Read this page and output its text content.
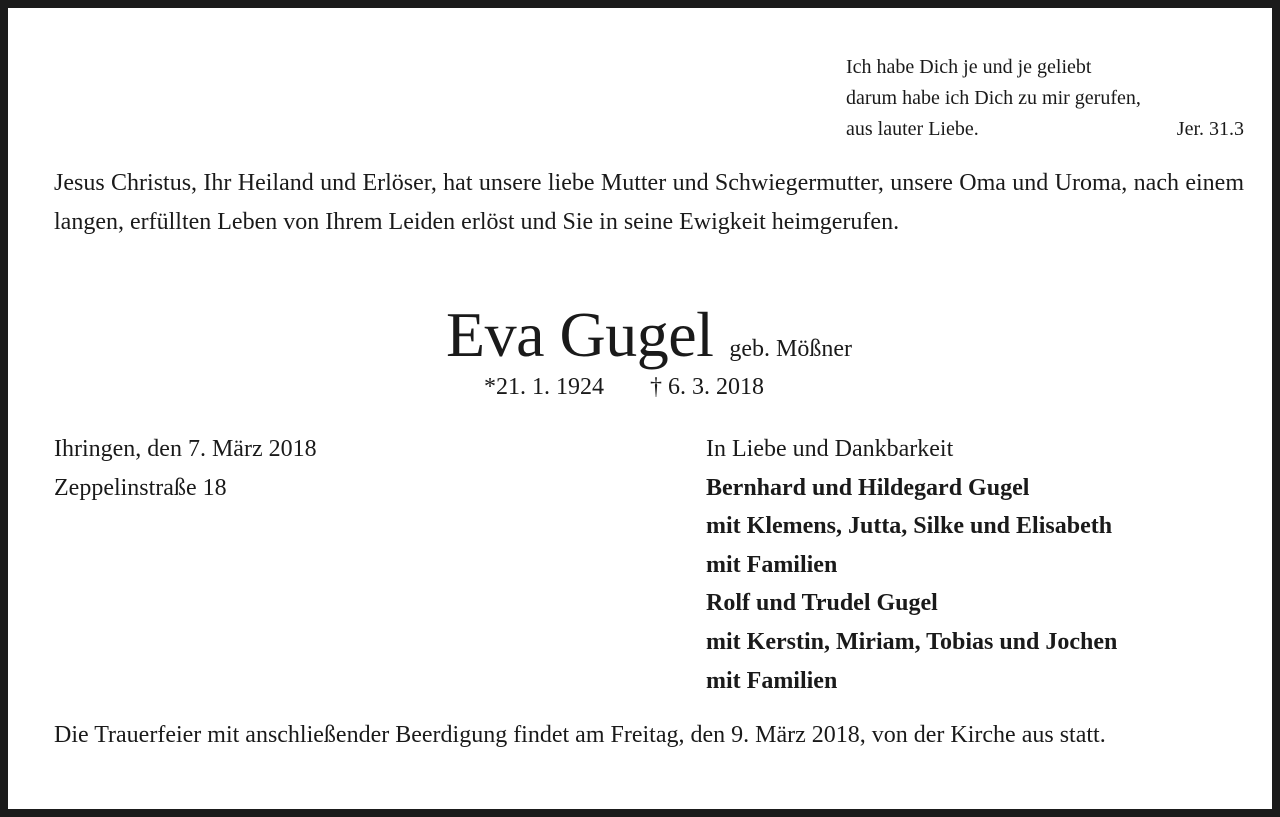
Ich habe Dich je und je geliebt
darum habe ich Dich zu mir gerufen,
aus lauter Liebe.	Jer. 31.3
Jesus Christus, Ihr Heiland und Erlöser, hat unsere liebe Mutter und Schwiegermutter, unsere Oma und Uroma, nach einem langen, erfüllten Leben von Ihrem Leiden erlöst und Sie in seine Ewigkeit heimgerufen.
Eva Gugel geb. Mößner
*21. 1. 1924 † 6. 3. 2018
Ihringen, den 7. März 2018
Zeppelinstraße 18
In Liebe und Dankbarkeit
Bernhard und Hildegard Gugel
mit Klemens, Jutta, Silke und Elisabeth
mit Familien
Rolf und Trudel Gugel
mit Kerstin, Miriam, Tobias und Jochen
mit Familien
Die Trauerfeier mit anschließender Beerdigung findet am Freitag, den 9. März 2018, von der Kirche aus statt.
